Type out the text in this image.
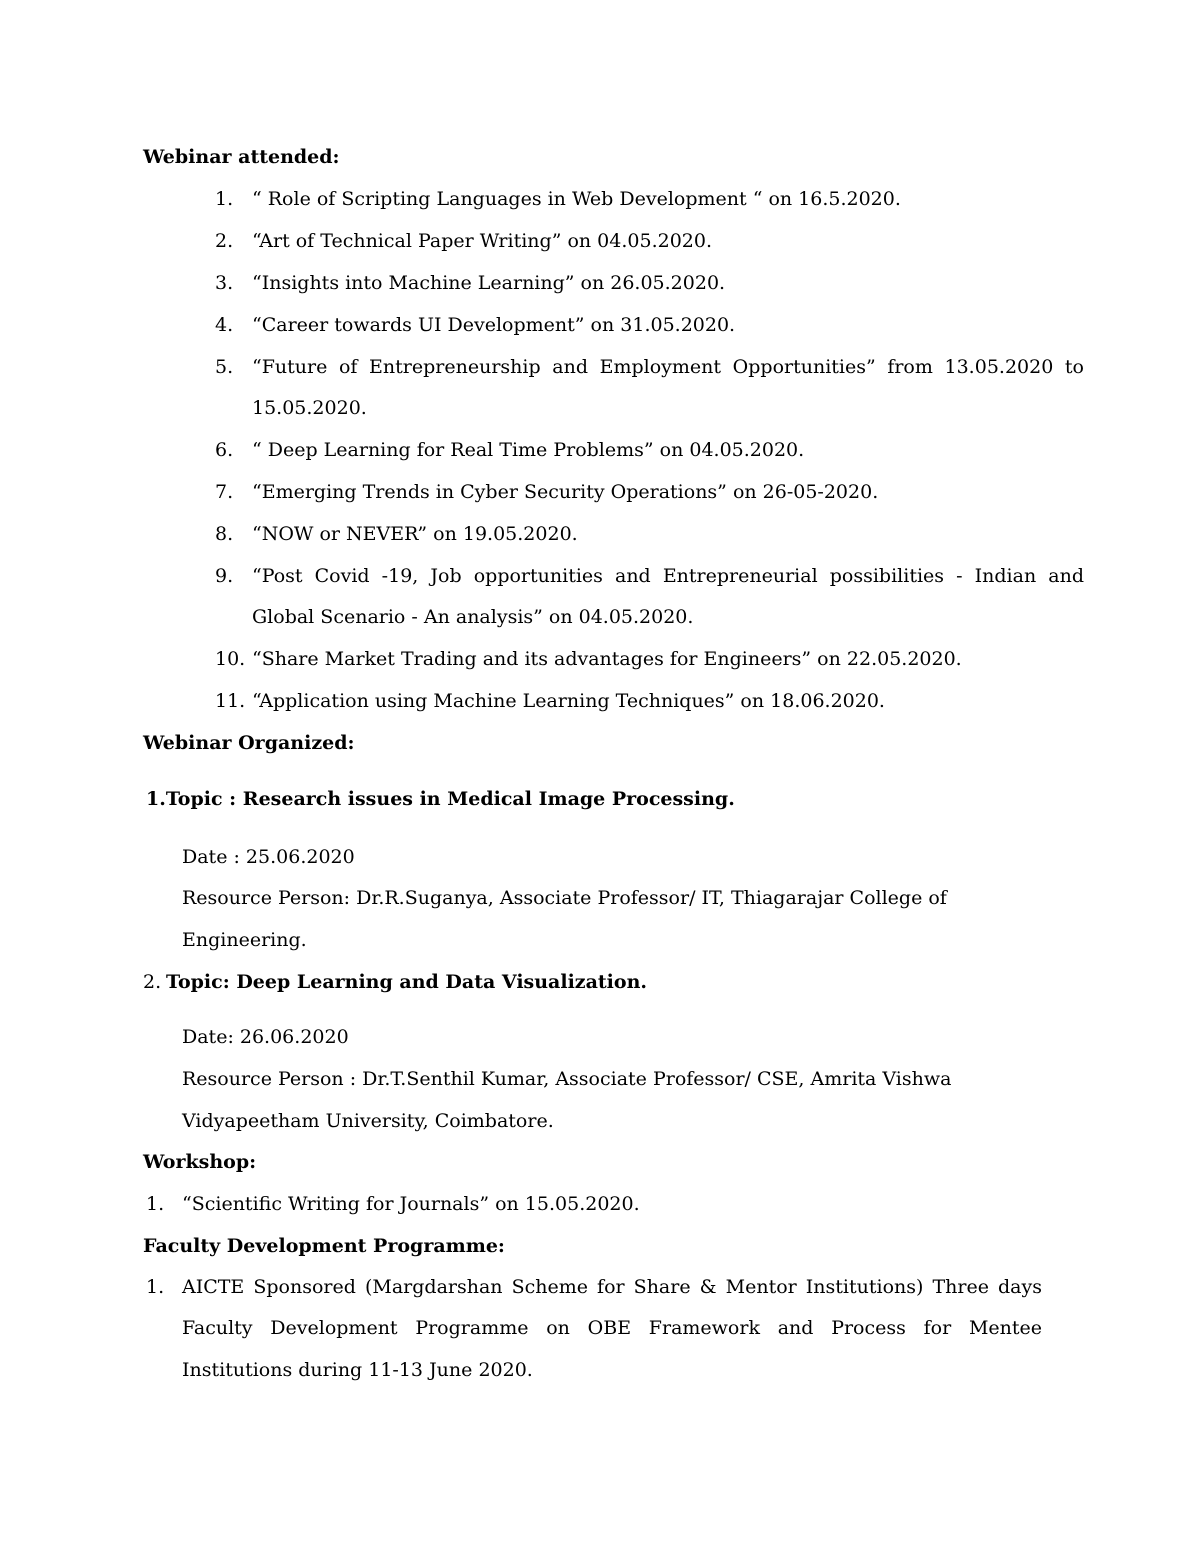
Webinar attended:
1. “ Role of Scripting Languages in Web Development “ on 16.5.2020.
2. “Art of Technical Paper Writing” on 04.05.2020.
3. “Insights into Machine Learning” on 26.05.2020.
4. “Career towards UI Development” on 31.05.2020.
5. “Future of Entrepreneurship and Employment Opportunities” from 13.05.2020 to
15.05.2020.
6. “ Deep Learning for Real Time Problems” on 04.05.2020.
7. “Emerging Trends in Cyber Security Operations” on 26-05-2020.
8. “NOW or NEVER” on 19.05.2020.
9. “Post Covid -19, Job opportunities and Entrepreneurial possibilities - Indian and
Global Scenario - An analysis” on 04.05.2020.
10. “Share Market Trading and its advantages for Engineers” on 22.05.2020.
11. “Application using Machine Learning Techniques” on 18.06.2020.
Webinar Organized:
1.Topic : Research issues in Medical Image Processing.
Date : 25.06.2020
Resource Person: Dr.R.Suganya, Associate Professor/ IT, Thiagarajar College of
Engineering.
2. Topic: Deep Learning and Data Visualization.
Date: 26.06.2020
Resource Person : Dr.T.Senthil Kumar, Associate Professor/ CSE, Amrita Vishwa
Vidyapeetham University, Coimbatore.
Workshop:
1. “Scientific Writing for Journals” on 15.05.2020.
Faculty Development Programme:
1. AICTE Sponsored (Margdarshan Scheme for Share & Mentor Institutions) Three days
Faculty Development Programme on OBE Framework and Process for Mentee
Institutions during 11-13 June 2020.
